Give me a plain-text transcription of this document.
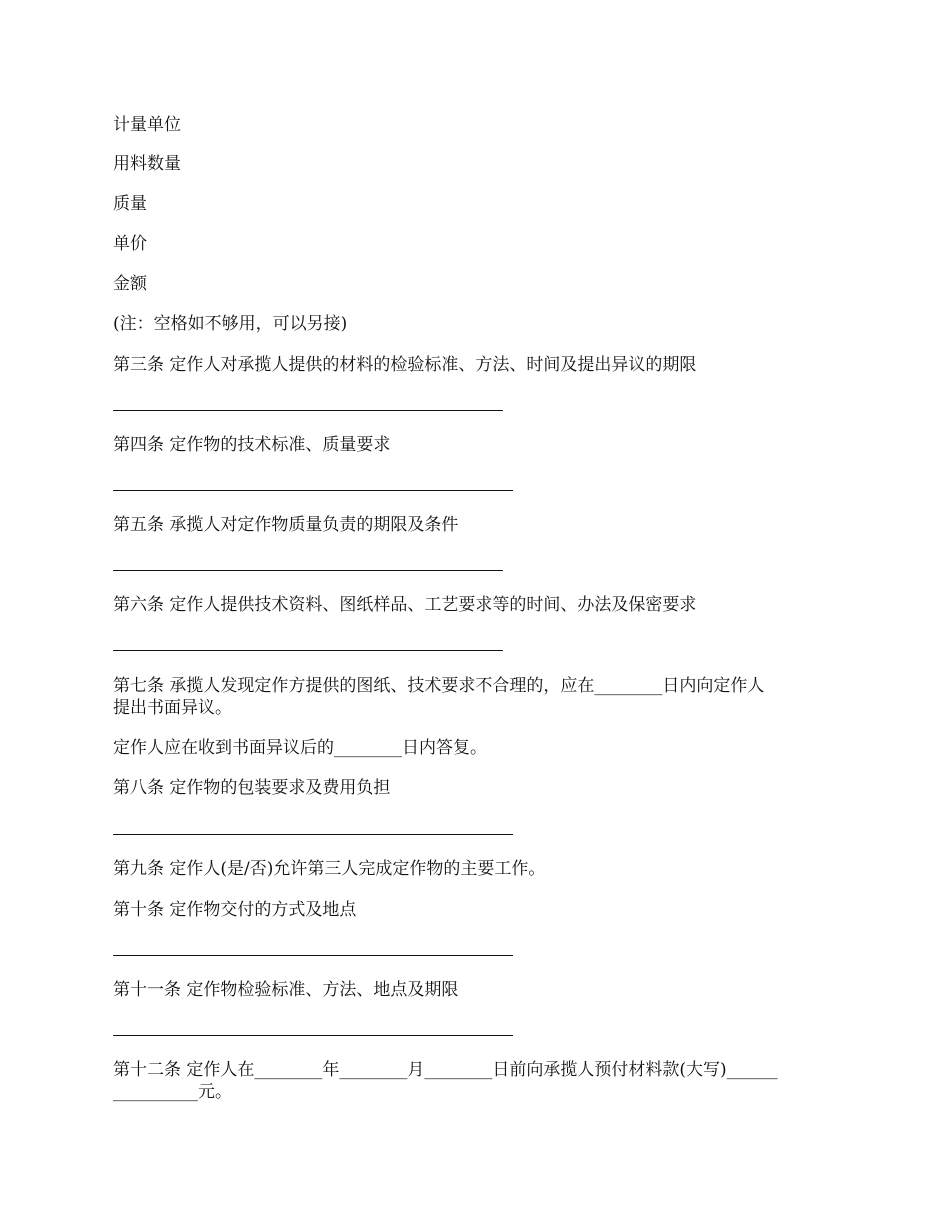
计量单位
用料数量
质量
单价
金额
(注：空格如不够用，可以另接)
第三条 定作人对承揽人提供的材料的检验标准、方法、时间及提出异议的期限
第四条 定作物的技术标准、质量要求
第五条 承揽人对定作物质量负责的期限及条件
第六条 定作人提供技术资料、图纸样品、工艺要求等的时间、办法及保密要求
第七条 承揽人发现定作方提供的图纸、技术要求不合理的，应在________日内向定作人
提出书面异议。
定作人应在收到书面异议后的________日内答复。
第八条 定作物的包装要求及费用负担
第九条 定作人(是/否)允许第三人完成定作物的主要工作。
第十条 定作物交付的方式及地点
第十一条 定作物检验标准、方法、地点及期限
第十二条 定作人在________年________月________日前向承揽人预付材料款(大写)______
__________元。
